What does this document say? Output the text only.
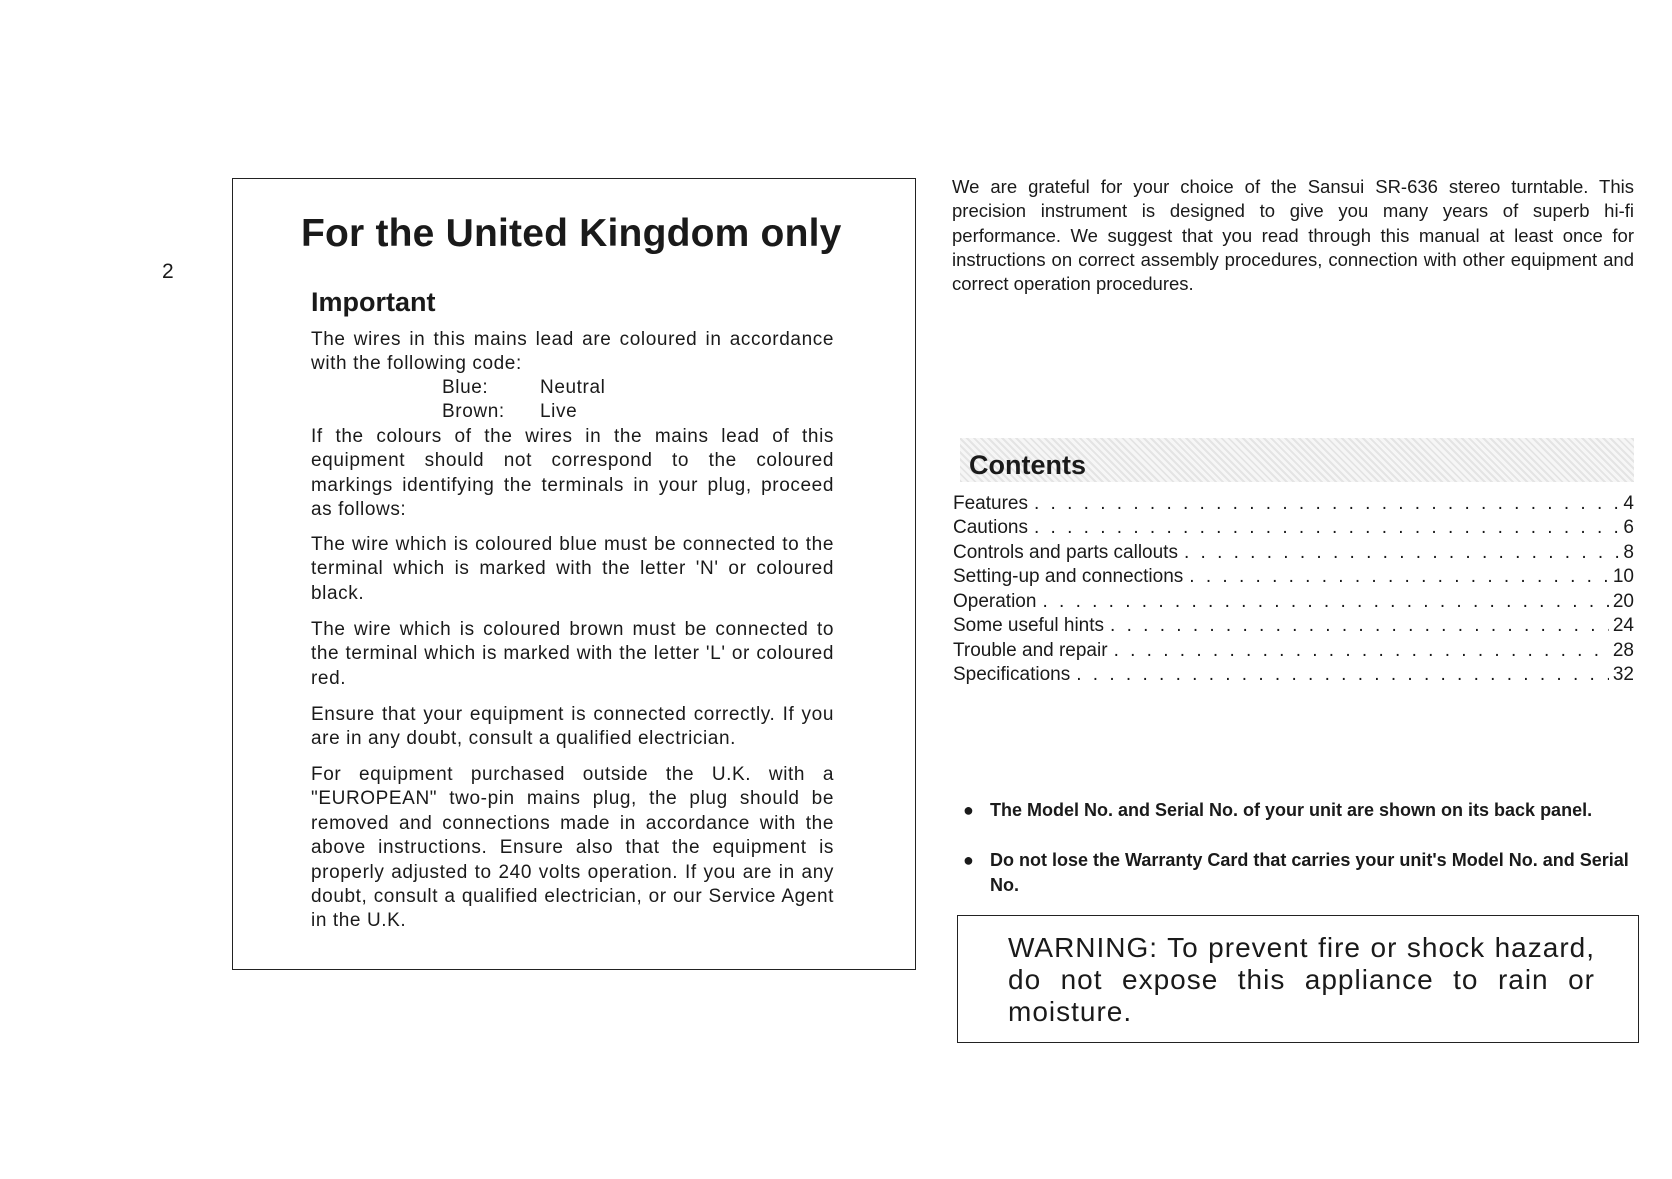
2
For the United Kingdom only
Important
The wires in this mains lead are coloured in accordance with the following code:
Blue:	Neutral
Brown: Live
If the colours of the wires in the mains lead of this equipment should not correspond to the coloured markings identifying the terminals in your plug, proceed as follows:
The wire which is coloured blue must be connected to the terminal which is marked with the letter 'N' or coloured black.
The wire which is coloured brown must be connected to the terminal which is marked with the letter 'L' or coloured red.
Ensure that your equipment is connected correctly. If you are in any doubt, consult a qualified electrician.
For equipment purchased outside the U.K. with a "EUROPEAN" two-pin mains plug, the plug should be removed and connections made in accordance with the above instructions. Ensure also that the equipment is properly adjusted to 240 volts operation. If you are in any doubt, consult a qualified electrician, or our Service Agent in the U.K.
We are grateful for your choice of the Sansui SR-636 stereo turntable. This precision instrument is designed to give you many years of superb hi-fi performance. We suggest that you read through this manual at least once for instructions on correct assembly procedures, connection with other equipment and correct operation procedures.
Contents
Features . . .	4
Cautions . . .	6
Controls and parts callouts . . .	8
Setting-up and connections . . .	10
Operation . . .	20
Some useful hints . . .	24
Trouble and repair . . .	28
Specifications . . .	32
● The Model No. and Serial No. of your unit are shown on its back panel.
● Do not lose the Warranty Card that carries your unit's Model No. and Serial No.
WARNING: To prevent fire or shock hazard, do not expose this appliance to rain or moisture.
